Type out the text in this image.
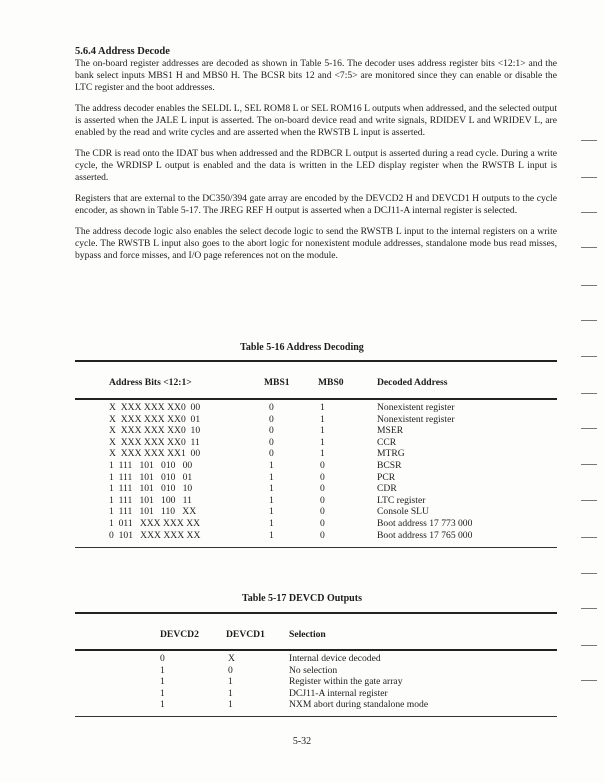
5.6.4 Address Decode

The on-board register addresses are decoded as shown in Table 5-16. The decoder uses address register bits <12:1> and the bank select inputs MBS1 H and MBS0 H. The BCSR bits 12 and <7:5> are monitored since they can enable or disable the LTC register and the boot addresses.

The address decoder enables the SELDL L, SEL ROM8 L or SEL ROM16 L outputs when addressed, and the selected output is asserted when the JALE L input is asserted. The on-board device read and write signals, RDIDEV L and WRIDEV L, are enabled by the read and write cycles and are asserted when the RWSTB L input is asserted.

The CDR is read onto the IDAT bus when addressed and the RDBCR L output is asserted during a read cycle. During a write cycle, the WRDISP L output is enabled and the data is written in the LED display register when the RWSTB L input is asserted.

Registers that are external to the DC350/394 gate array are encoded by the DEVCD2 H and DEVCD1 H outputs to the cycle encoder, as shown in Table 5-17. The JREG REF H output is asserted when a DCJ11-A internal register is selected.

The address decode logic also enables the select decode logic to send the RWSTB L input to the internal registers on a write cycle. The RWSTB L input also goes to the abort logic for nonexistent module addresses, standalone mode bus read misses, bypass and force misses, and I/O page references not on the module.

Table 5-16 Address Decoding
Address Bits <12:1>	MBS1	MBS0	Decoded Address
X  XXX XXX XX0  00	0	1	Nonexistent register
X  XXX XXX XX0  01	0	1	Nonexistent register
X  XXX XXX XX0  10	0	1	MSER
X  XXX XXX XX0  11	0	1	CCR
X  XXX XXX XX1  00	0	1	MTRG
1  111   101   010   00	1	0	BCSR
1  111   101   010   01	1	0	PCR
1  111   101   010   10	1	0	CDR
1  111   101   100   11	1	0	LTC register
1  111   101   110   XX	1	0	Console SLU
1  011   XXX XXX XX	1	0	Boot address 17 773 000
0  101   XXX XXX XX	1	0	Boot address 17 765 000
Table 5-17 DEVCD Outputs
DEVCD2	DEVCD1	Selection
0	X	Internal device decoded
1	0	No selection
1	1	Register within the gate array
1	1	DCJ11-A internal register
1	1	NXM abort during standalone mode
5-32
